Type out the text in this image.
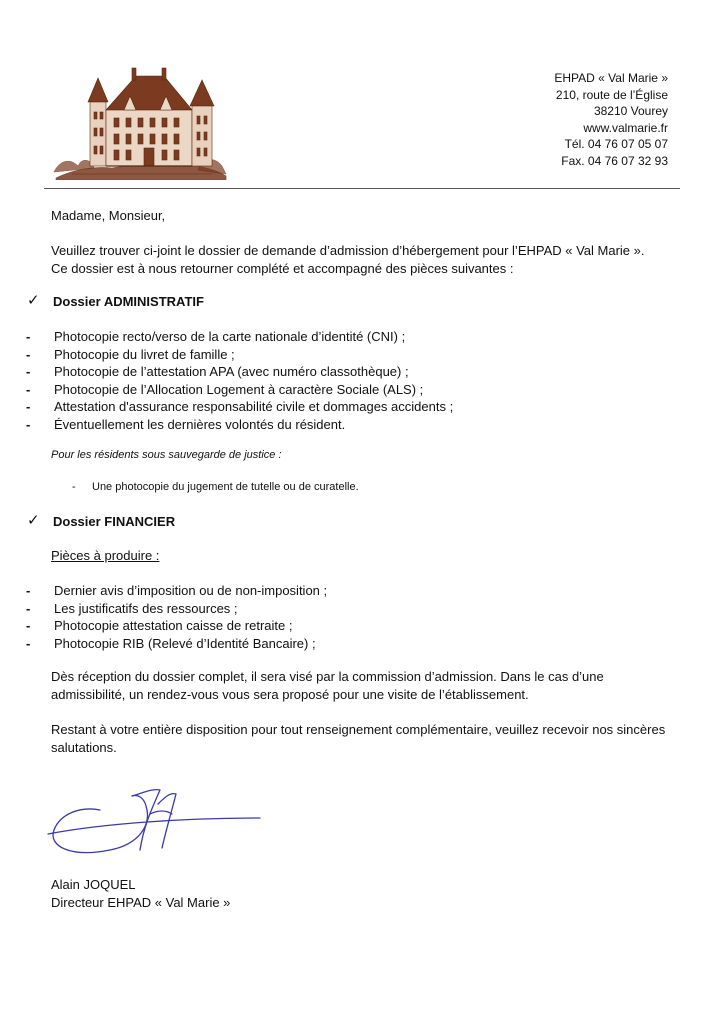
EHPAD « Val Marie »
210, route de l’Église
38210 Vourey
www.valmarie.fr
Tél. 04 76 07 05 07
Fax. 04 76 07 32 93
Madame, Monsieur,
Veuillez trouver ci-joint le dossier de demande d’admission d’hébergement pour l’EHPAD « Val Marie ».
Ce dossier est à nous retourner complété et accompagné des pièces suivantes :
✓ Dossier ADMINISTRATIF
- Photocopie recto/verso de la carte nationale d’identité (CNI) ;
- Photocopie du livret de famille ;
- Photocopie de l’attestation APA (avec numéro classothèque) ;
- Photocopie de l’Allocation Logement à caractère Sociale (ALS) ;
- Attestation d'assurance responsabilité civile et dommages accidents ;
- Éventuellement les dernières volontés du résident.
Pour les résidents sous sauvegarde de justice :
- Une photocopie du jugement de tutelle ou de curatelle.
✓ Dossier FINANCIER
Pièces à produire :
- Dernier avis d’imposition ou de non-imposition ;
- Les justificatifs des ressources ;
- Photocopie attestation caisse de retraite ;
- Photocopie RIB (Relevé d’Identité Bancaire) ;
Dès réception du dossier complet, il sera visé par la commission d’admission. Dans le cas d’une admissibilité, un rendez-vous vous sera proposé pour une visite de l’établissement.
Restant à votre entière disposition pour tout renseignement complémentaire, veuillez recevoir nos sincères salutations.
Alain JOQUEL
Directeur EHPAD « Val Marie »
